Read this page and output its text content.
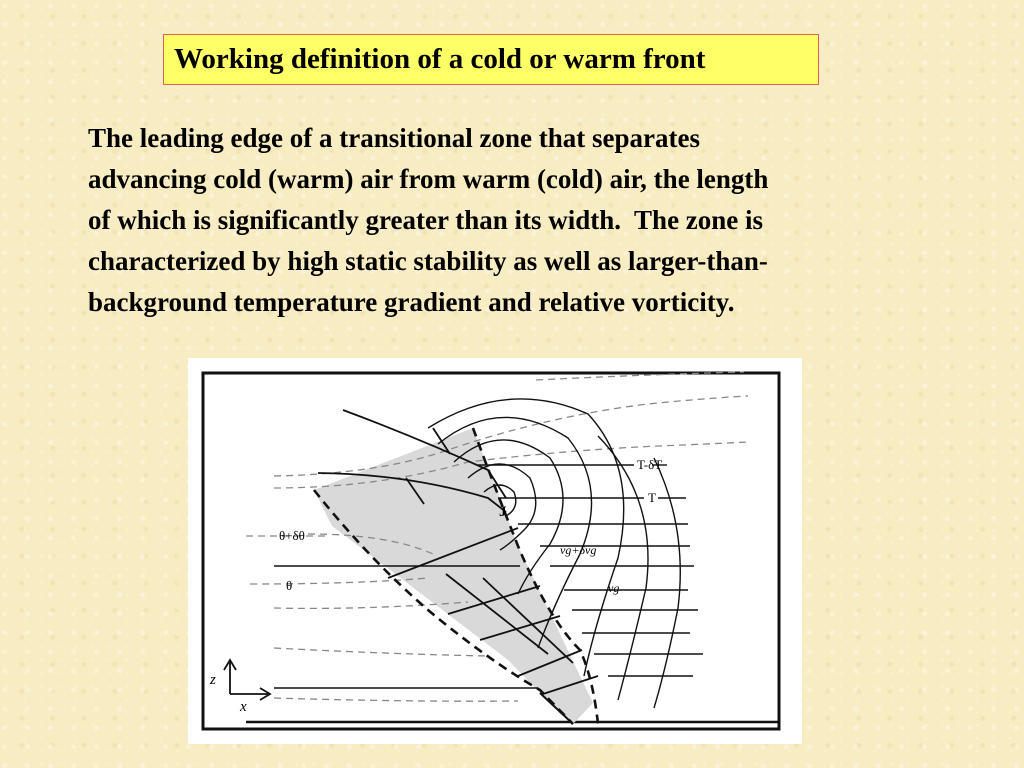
Working definition of a cold or warm front

The leading edge of a transitional zone that separates
advancing cold (warm) air from warm (cold) air, the length
of which is significantly greater than its width.  The zone is
characterized by high static stability as well as larger-than-
background temperature gradient and relative vorticity.

T-δT
T
J
θ+δθ
θ
vg+δvg
vg
z
x
